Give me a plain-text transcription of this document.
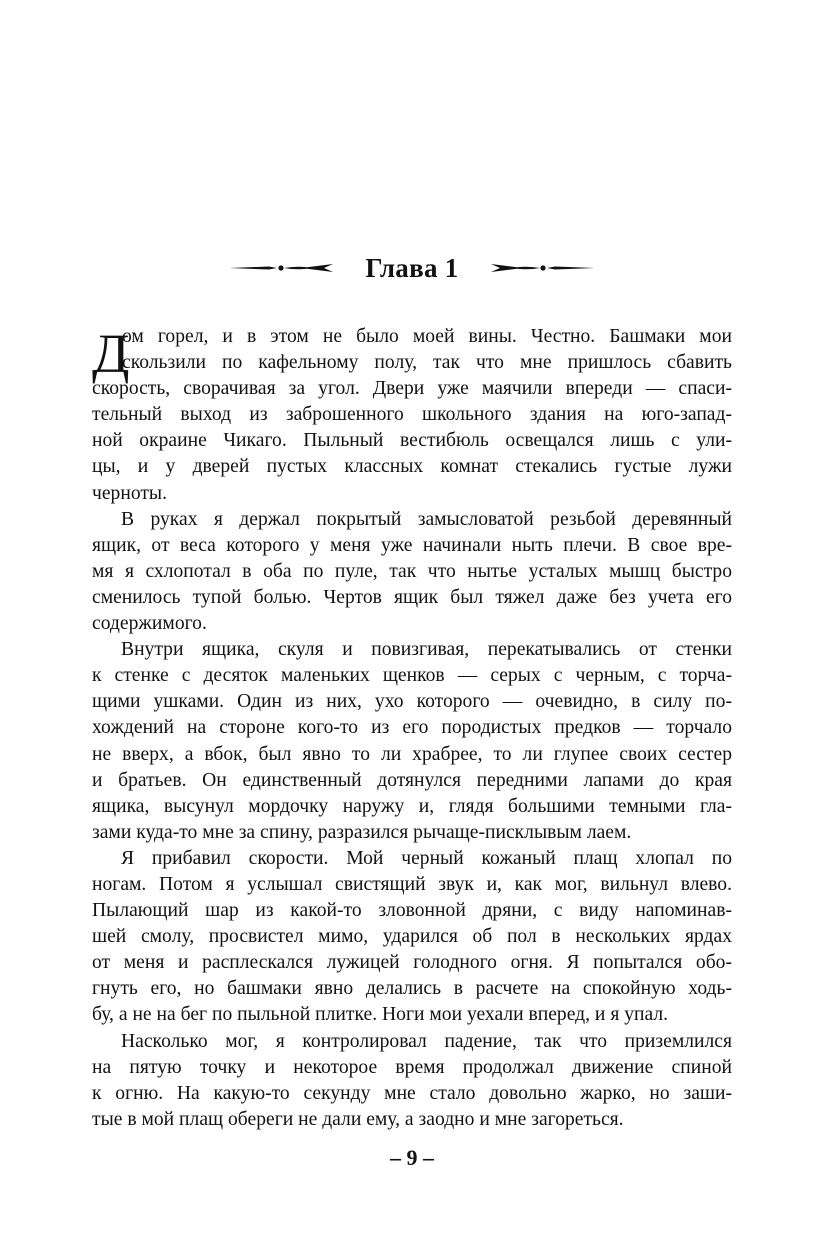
Глава 1
Д
ом горел, и в этом не было моей вины. Честно. Башмаки мои
скользили по кафельному полу, так что мне пришлось сбавить
скорость, сворачивая за угол. Двери уже маячили впереди — спаси-
тельный выход из заброшенного школьного здания на юго-запад-
ной окраине Чикаго. Пыльный вестибюль освещался лишь с ули-
цы, и у дверей пустых классных комнат стекались густые лужи
черноты.
В руках я держал покрытый замысловатой резьбой деревянный
ящик, от веса которого у меня уже начинали ныть плечи. В свое вре-
мя я схлопотал в оба по пуле, так что нытье усталых мышц быстро
сменилось тупой болью. Чертов ящик был тяжел даже без учета его
содержимого.
Внутри ящика, скуля и повизгивая, перекатывались от стенки
к стенке с десяток маленьких щенков — серых с черным, с торча-
щими ушками. Один из них, ухо которого — очевидно, в силу по-
хождений на стороне кого-то из его породистых предков — торчало
не вверх, а вбок, был явно то ли храбрее, то ли глупее своих сестер
и братьев. Он единственный дотянулся передними лапами до края
ящика, высунул мордочку наружу и, глядя большими темными гла-
зами куда-то мне за спину, разразился рычаще-писклывым лаем.
Я прибавил скорости. Мой черный кожаный плащ хлопал по
ногам. Потом я услышал свистящий звук и, как мог, вильнул влево.
Пылающий шар из какой-то зловонной дряни, с виду напоминав-
шей смолу, просвистел мимо, ударился об пол в нескольких ярдах
от меня и расплескался лужицей голодного огня. Я попытался обо-
гнуть его, но башмаки явно делались в расчете на спокойную ходь-
бу, а не на бег по пыльной плитке. Ноги мои уехали вперед, и я упал.
Насколько мог, я контролировал падение, так что приземлился
на пятую точку и некоторое время продолжал движение спиной
к огню. На какую-то секунду мне стало довольно жарко, но заши-
тые в мой плащ обереги не дали ему, а заодно и мне загореться.
– 9 –
